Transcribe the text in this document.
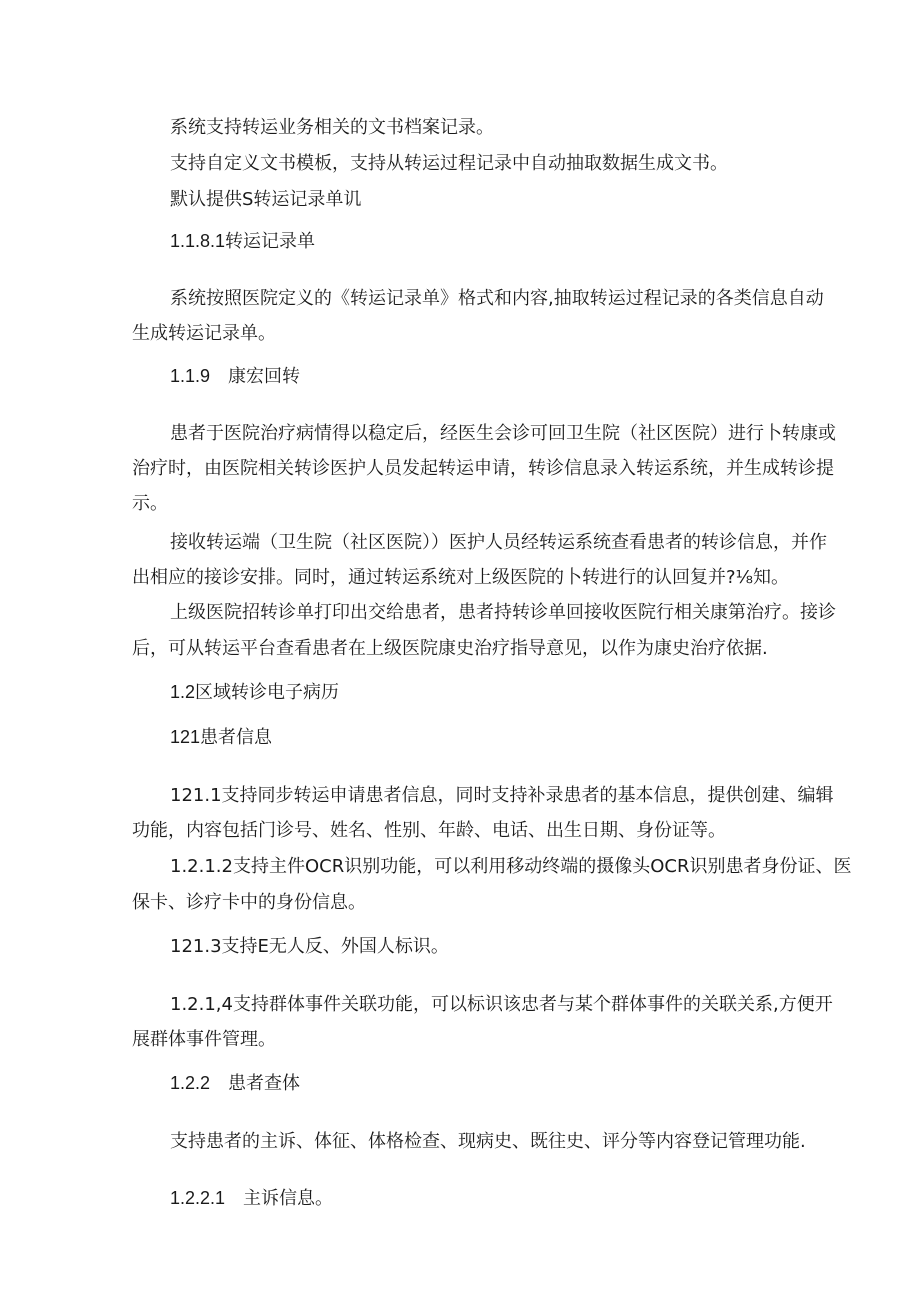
系统支持转运业务相关的文书档案记录。
支持自定义文书模板，支持从转运过程记录中自动抽取数据生成文书。
默认提供S转运记录单讥
1.1.8.1转运记录单
系统按照医院定义的《转运记录单》格式和内容,抽取转运过程记录的各类信息自动
生成转运记录单。
1.1.9　康宏回转
患者于医院治疗病情得以稳定后，经医生会诊可回卫生院（社区医院）进行卜转康或
治疗时，由医院相关转诊医护人员发起转运申请，转诊信息录入转运系统，并生成转诊提
示。
接收转运端（卫生院（社区医院））医护人员经转运系统查看患者的转诊信息，并作
出相应的接诊安排。同时，通过转运系统对上级医院的卜转进行的认回复并?⅛知。
上级医院招转诊单打印出交给患者，患者持转诊单回接收医院行相关康第治疗。接诊
后，可从转运平台查看患者在上级医院康史治疗指导意见，以作为康史治疗依据.
1.2区域转诊电子病历
121患者信息
121.1支持同步转运申请患者信息，同时支持补录患者的基本信息，提供创建、编辑
功能，内容包括门诊号、姓名、性别、年龄、电话、出生日期、身份证等。
1.2.1.2支持主件OCR识别功能，可以利用移动终端的摄像头OCR识别患者身份证、医
保卡、诊疗卡中的身份信息。
121.3支持E无人反、外国人标识。
1.2.1,4支持群体事件关联功能，可以标识该忠者与某个群体事件的关联关系,方便开
展群体事件管理。
1.2.2　患者查体
支持患者的主诉、体征、体格检查、现病史、既往史、评分等内容登记管理功能.
1.2.2.1　主诉信息。
